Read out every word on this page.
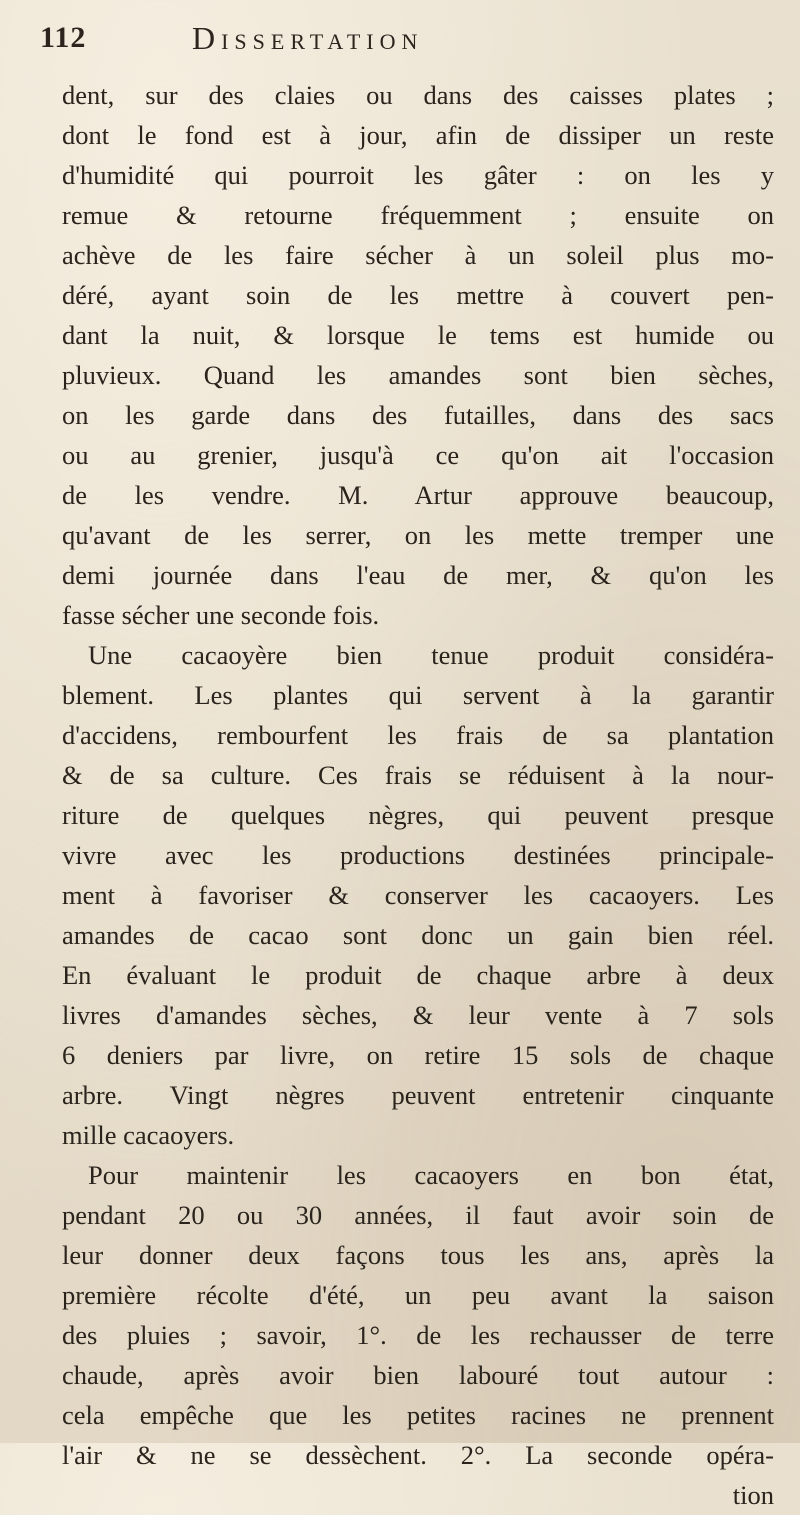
112	Dissertation
dent, sur des claies ou dans des caisses plates ;
dont le fond est à jour, afin de dissiper un reste
d'humidité qui pourroit les gâter : on les y
remue & retourne fréquemment ; ensuite on
achève de les faire sécher à un soleil plus mo-
déré, ayant soin de les mettre à couvert pen-
dant la nuit, & lorsque le tems est humide ou
pluvieux. Quand les amandes sont bien sèches,
on les garde dans des futailles, dans des sacs
ou au grenier, jusqu'à ce qu'on ait l'occasion
de les vendre. M. Artur approuve beaucoup,
qu'avant de les serrer, on les mette tremper une
demi journée dans l'eau de mer, & qu'on les
fasse sécher une seconde fois.
Une cacaoyère bien tenue produit considéra-
blement. Les plantes qui servent à la garantir
d'accidens, rembourfent les frais de sa plantation
& de sa culture. Ces frais se réduisent à la nour-
riture de quelques nègres, qui peuvent presque
vivre avec les productions destinées principale-
ment à favoriser & conserver les cacaoyers. Les
amandes de cacao sont donc un gain bien réel.
En évaluant le produit de chaque arbre à deux
livres d'amandes sèches, & leur vente à 7 sols
6 deniers par livre, on retire 15 sols de chaque
arbre. Vingt nègres peuvent entretenir cinquante
mille cacaoyers.
Pour maintenir les cacaoyers en bon état,
pendant 20 ou 30 années, il faut avoir soin de
leur donner deux façons tous les ans, après la
première récolte d'été, un peu avant la saison
des pluies ; savoir, 1°. de les rechausser de terre
chaude, après avoir bien labouré tout autour :
cela empêche que les petites racines ne prennent
l'air & ne se dessèchent. 2°. La seconde opéra-
tion
